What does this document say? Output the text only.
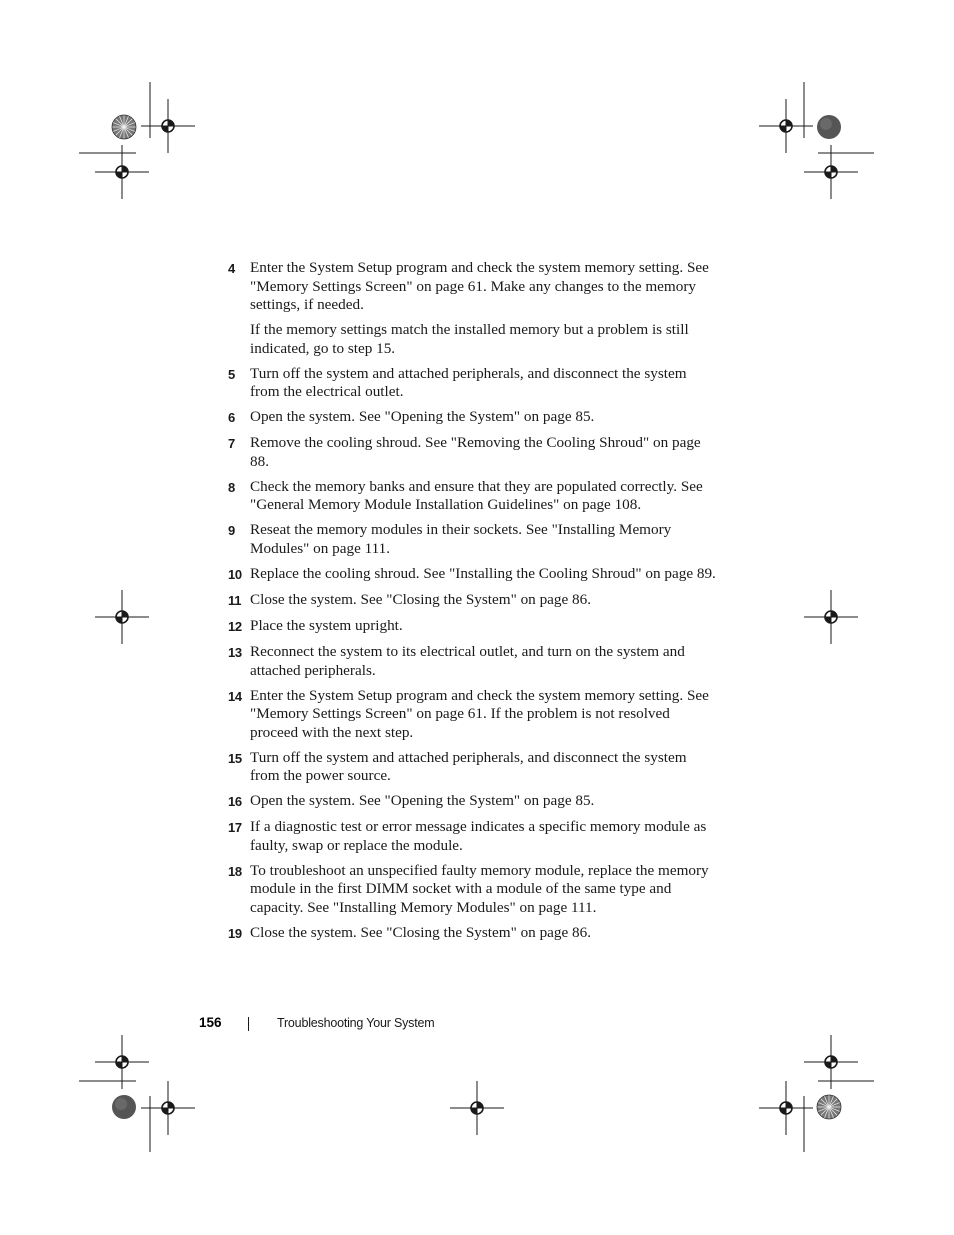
4 Enter the System Setup program and check the system memory setting. See "Memory Settings Screen" on page 61. Make any changes to the memory settings, if needed.

If the memory settings match the installed memory but a problem is still indicated, go to step 15.

5 Turn off the system and attached peripherals, and disconnect the system from the electrical outlet.

6 Open the system. See "Opening the System" on page 85.

7 Remove the cooling shroud. See "Removing the Cooling Shroud" on page 88.

8 Check the memory banks and ensure that they are populated correctly. See "General Memory Module Installation Guidelines" on page 108.

9 Reseat the memory modules in their sockets. See "Installing Memory Modules" on page 111.

10 Replace the cooling shroud. See "Installing the Cooling Shroud" on page 89.

11 Close the system. See "Closing the System" on page 86.

12 Place the system upright.

13 Reconnect the system to its electrical outlet, and turn on the system and attached peripherals.

14 Enter the System Setup program and check the system memory setting. See "Memory Settings Screen" on page 61. If the problem is not resolved proceed with the next step.

15 Turn off the system and attached peripherals, and disconnect the system from the power source.

16 Open the system. See "Opening the System" on page 85.

17 If a diagnostic test or error message indicates a specific memory module as faulty, swap or replace the module.

18 To troubleshoot an unspecified faulty memory module, replace the memory module in the first DIMM socket with a module of the same type and capacity. See "Installing Memory Modules" on page 111.

19 Close the system. See "Closing the System" on page 86.

156	Troubleshooting Your System
